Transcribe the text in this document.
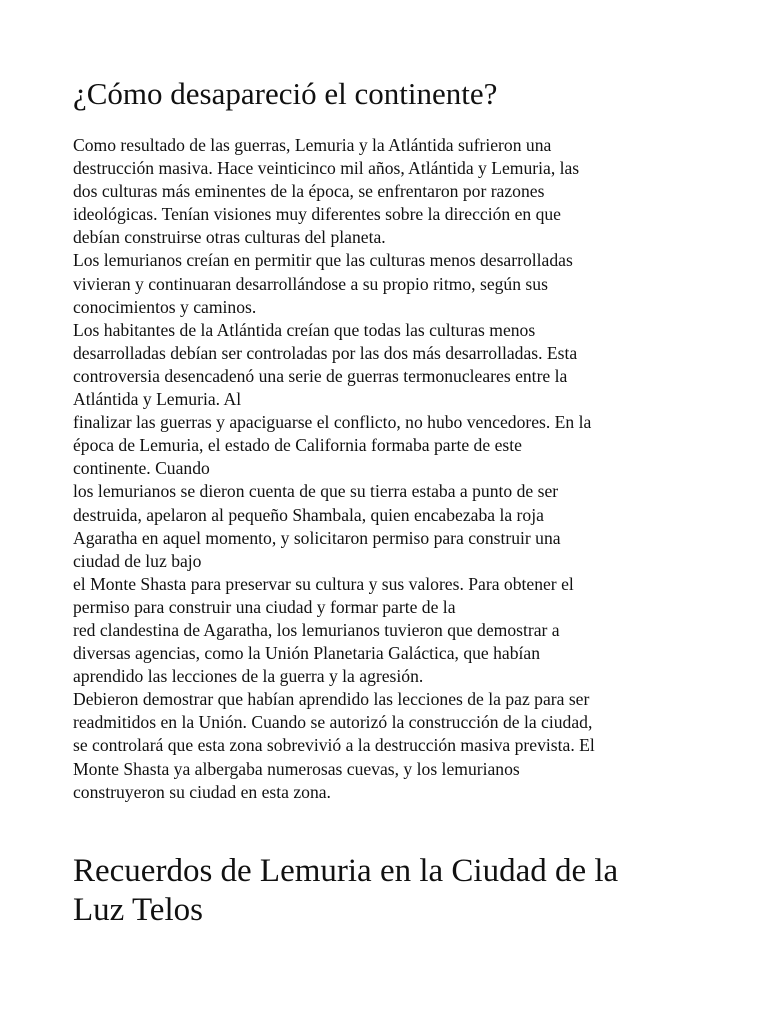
¿Cómo desapareció el continente?
Como resultado de las guerras, Lemuria y la Atlántida sufrieron una
destrucción masiva. Hace veinticinco mil años, Atlántida y Lemuria, las
dos culturas más eminentes de la época, se enfrentaron por razones
ideológicas. Tenían visiones muy diferentes sobre la dirección en que
debían construirse otras culturas del planeta.
Los lemurianos creían en permitir que las culturas menos desarrolladas
vivieran y continuaran desarrollándose a su propio ritmo, según sus
conocimientos y caminos.
Los habitantes de la Atlántida creían que todas las culturas menos
desarrolladas debían ser controladas por las dos más desarrolladas. Esta
controversia desencadenó una serie de guerras termonucleares entre la
Atlántida y Lemuria. Al
finalizar las guerras y apaciguarse el conflicto, no hubo vencedores. En la
época de Lemuria, el estado de California formaba parte de este
continente. Cuando
los lemurianos se dieron cuenta de que su tierra estaba a punto de ser
destruida, apelaron al pequeño Shambala, quien encabezaba la roja
Agaratha en aquel momento, y solicitaron permiso para construir una
ciudad de luz bajo
el Monte Shasta para preservar su cultura y sus valores. Para obtener el
permiso para construir una ciudad y formar parte de la
red clandestina de Agaratha, los lemurianos tuvieron que demostrar a
diversas agencias, como la Unión Planetaria Galáctica, que habían
aprendido las lecciones de la guerra y la agresión.
Debieron demostrar que habían aprendido las lecciones de la paz para ser
readmitidos en la Unión. Cuando se autorizó la construcción de la ciudad,
se controlará que esta zona sobrevivió a la destrucción masiva prevista. El
Monte Shasta ya albergaba numerosas cuevas, y los lemurianos
construyeron su ciudad en esta zona.
Recuerdos de Lemuria en la Ciudad de la
Luz Telos
